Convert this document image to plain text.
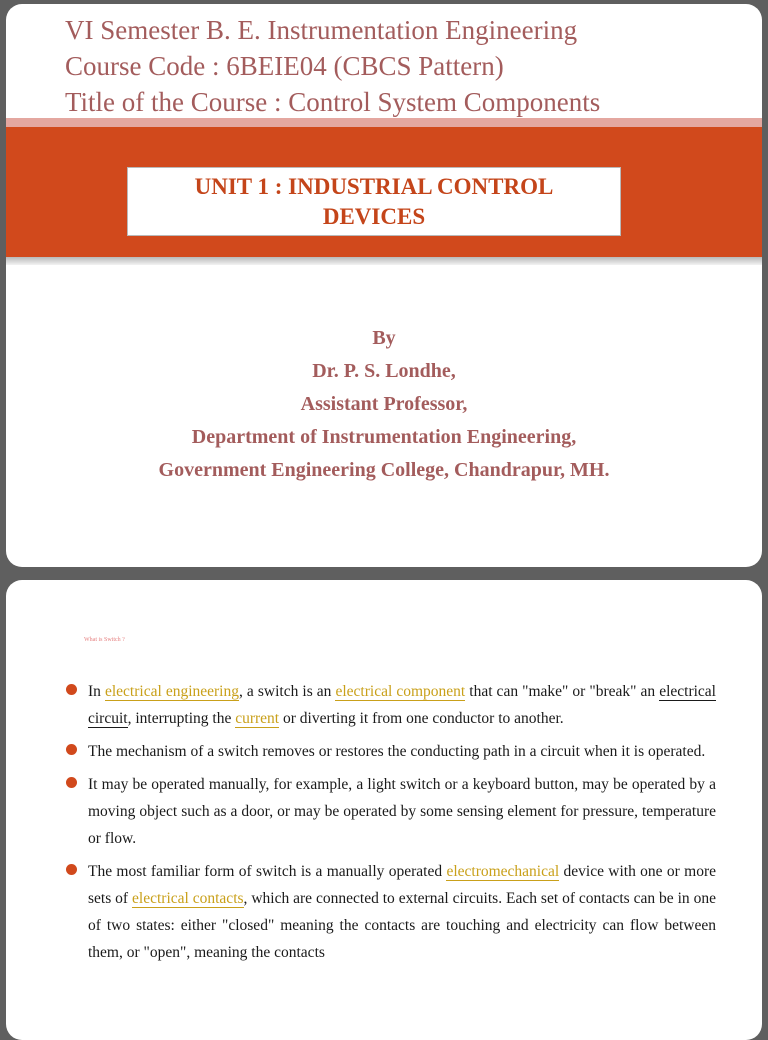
VI Semester B. E. Instrumentation Engineering
Course Code : 6BEIE04 (CBCS Pattern)
Title of the Course : Control System Components
UNIT 1 : INDUSTRIAL CONTROL
DEVICES
By
Dr. P. S. Londhe,
Assistant Professor,
Department of Instrumentation Engineering,
Government Engineering College, Chandrapur, MH.
What is Switch ?
In electrical engineering, a switch is an electrical component that can "make" or "break" an electrical circuit, interrupting the current or diverting it from one conductor to another.
The mechanism of a switch removes or restores the conducting path in a circuit when it is operated.
It may be operated manually, for example, a light switch or a keyboard button, may be operated by a moving object such as a door, or may be operated by some sensing element for pressure, temperature or flow.
The most familiar form of switch is a manually operated electromechanical device with one or more sets of electrical contacts, which are connected to external circuits. Each set of contacts can be in one of two states: either "closed" meaning the contacts are touching and electricity can flow between them, or "open", meaning the contacts
